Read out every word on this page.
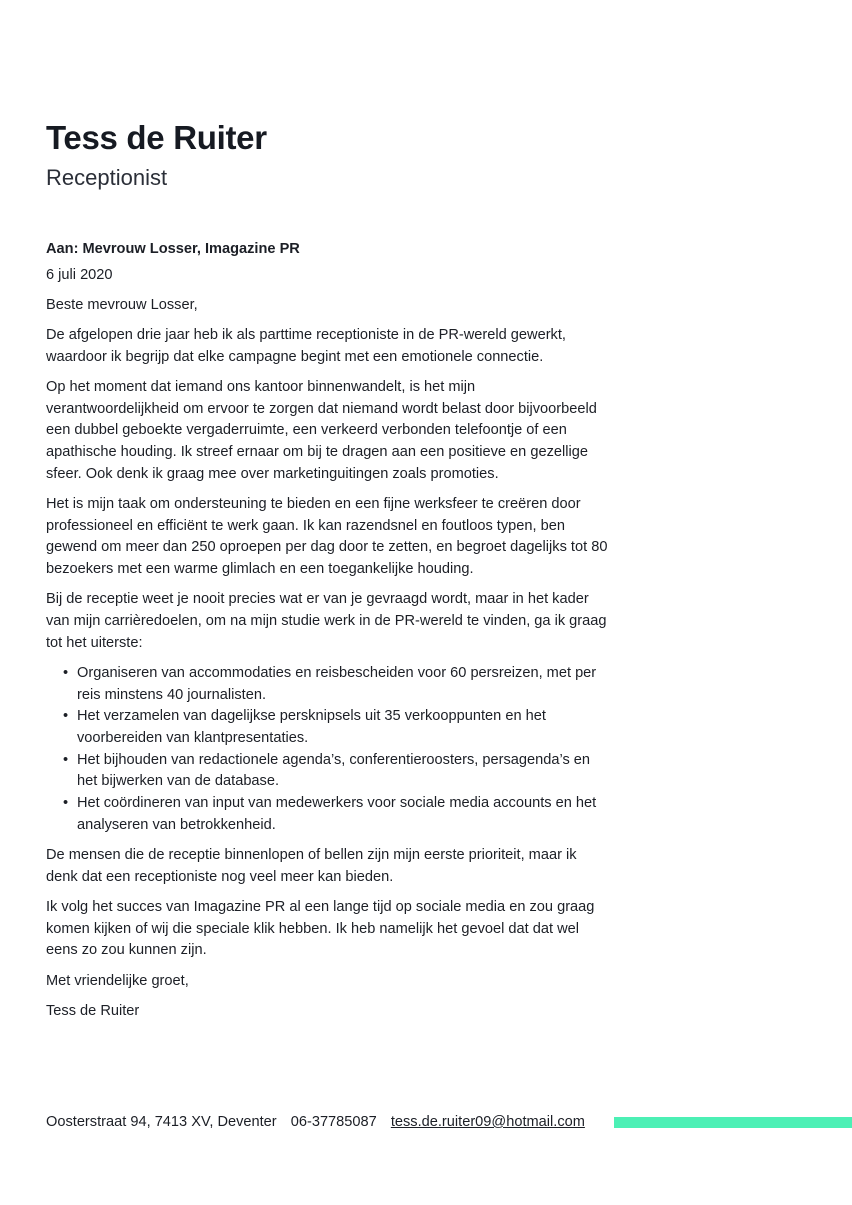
Tess de Ruiter
Receptionist

Aan: Mevrouw Losser, Imagazine PR

6 juli 2020

Beste mevrouw Losser,

De afgelopen drie jaar heb ik als parttime receptioniste in de PR-wereld gewerkt, waardoor ik begrijp dat elke campagne begint met een emotionele connectie.

Op het moment dat iemand ons kantoor binnenwandelt, is het mijn verantwoordelijkheid om ervoor te zorgen dat niemand wordt belast door bijvoorbeeld een dubbel geboekte vergaderruimte, een verkeerd verbonden telefoontje of een apathische houding. Ik streef ernaar om bij te dragen aan een positieve en gezellige sfeer. Ook denk ik graag mee over marketinguitingen zoals promoties.

Het is mijn taak om ondersteuning te bieden en een fijne werksfeer te creëren door professioneel en efficiënt te werk gaan. Ik kan razendsnel en foutloos typen, ben gewend om meer dan 250 oproepen per dag door te zetten, en begroet dagelijks tot 80 bezoekers met een warme glimlach en een toegankelijke houding.

Bij de receptie weet je nooit precies wat er van je gevraagd wordt, maar in het kader van mijn carrièredoelen, om na mijn studie werk in de PR-wereld te vinden, ga ik graag tot het uiterste:

• Organiseren van accommodaties en reisbescheiden voor 60 persreizen, met per reis minstens 40 journalisten.
• Het verzamelen van dagelijkse persknipsels uit 35 verkooppunten en het voorbereiden van klantpresentaties.
• Het bijhouden van redactionele agenda’s, conferentieroosters, persagenda’s en het bijwerken van de database.
• Het coördineren van input van medewerkers voor sociale media accounts en het analyseren van betrokkenheid.

De mensen die de receptie binnenlopen of bellen zijn mijn eerste prioriteit, maar ik denk dat een receptioniste nog veel meer kan bieden.

Ik volg het succes van Imagazine PR al een lange tijd op sociale media en zou graag komen kijken of wij die speciale klik hebben. Ik heb namelijk het gevoel dat dat wel eens zo zou kunnen zijn.

Met vriendelijke groet,

Tess de Ruiter

Oosterstraat 94, 7413 XV, Deventer 06-37785087 tess.de.ruiter09@hotmail.com
